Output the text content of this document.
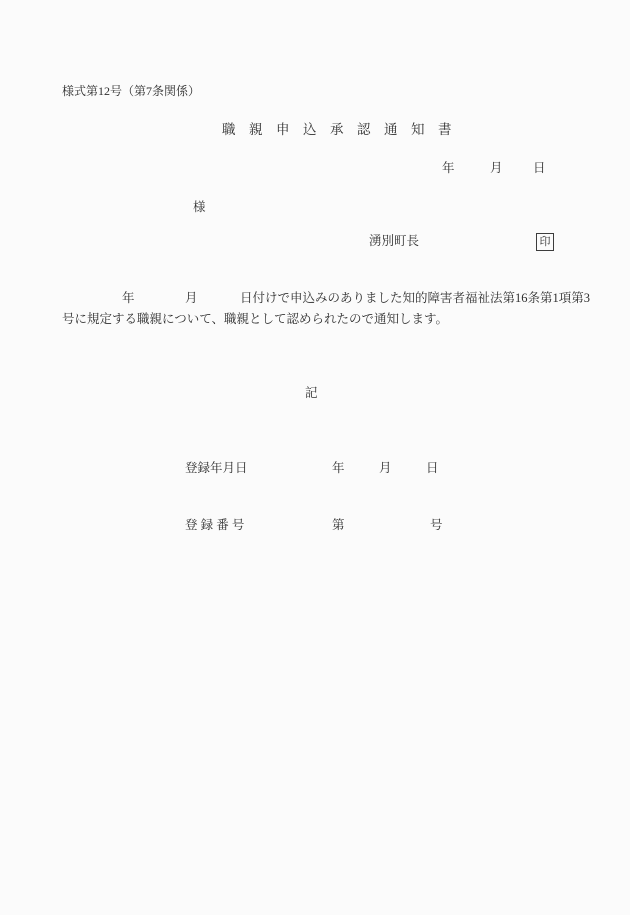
様式第12号（第7条関係）
職　親　申　込　承　認　通　知　書
年	月 日
様
湧別町長	印
年	月	日付けで申込みのありました知的障害者福祉法第16条第1項第3
号に規定する職親について、職親として認められたので通知します。
記
登録年月日	年	月	日
登 録 番 号	第	号
